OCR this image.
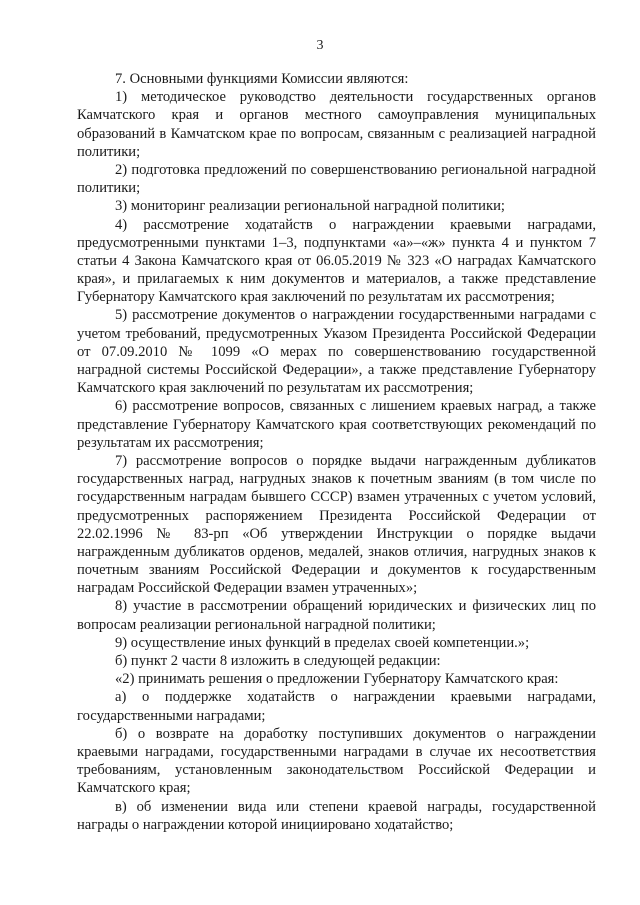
3

7. Основными функциями Комиссии являются:

1) методическое руководство деятельности государственных органов Камчатского края и органов местного самоуправления муниципальных образований в Камчатском крае по вопросам, связанным с реализацией наградной политики;

2) подготовка предложений по совершенствованию региональной наградной политики;

3) мониторинг реализации региональной наградной политики;

4) рассмотрение ходатайств о награждении краевыми наградами, предусмотренными пунктами 1–3, подпунктами «а»–«ж» пункта 4 и пунктом 7 статьи 4 Закона Камчатского края от 06.05.2019 № 323 «О наградах Камчатского края», и прилагаемых к ним документов и материалов, а также представление Губернатору Камчатского края заключений по результатам их рассмотрения;

5) рассмотрение документов о награждении государственными наградами с учетом требований, предусмотренных Указом Президента Российской Федерации от 07.09.2010 № 1099 «О мерах по совершенствованию государственной наградной системы Российской Федерации», а также представление Губернатору Камчатского края заключений по результатам их рассмотрения;

6) рассмотрение вопросов, связанных с лишением краевых наград, а также представление Губернатору Камчатского края соответствующих рекомендаций по результатам их рассмотрения;

7) рассмотрение вопросов о порядке выдачи награжденным дубликатов государственных наград, нагрудных знаков к почетным званиям (в том числе по государственным наградам бывшего СССР) взамен утраченных с учетом условий, предусмотренных распоряжением Президента Российской Федерации от 22.02.1996 № 83-рп «Об утверждении Инструкции о порядке выдачи награжденным дубликатов орденов, медалей, знаков отличия, нагрудных знаков к почетным званиям Российской Федерации и документов к государственным наградам Российской Федерации взамен утраченных»;

8) участие в рассмотрении обращений юридических и физических лиц по вопросам реализации региональной наградной политики;

9) осуществление иных функций в пределах своей компетенции.»;

б) пункт 2 части 8 изложить в следующей редакции:

«2) принимать решения о предложении Губернатору Камчатского края:

а) о поддержке ходатайств о награждении краевыми наградами, государственными наградами;

б) о возврате на доработку поступивших документов о награждении краевыми наградами, государственными наградами в случае их несоответствия требованиям, установленным законодательством Российской Федерации и Камчатского края;

в) об изменении вида или степени краевой награды, государственной награды о награждении которой инициировано ходатайство;
